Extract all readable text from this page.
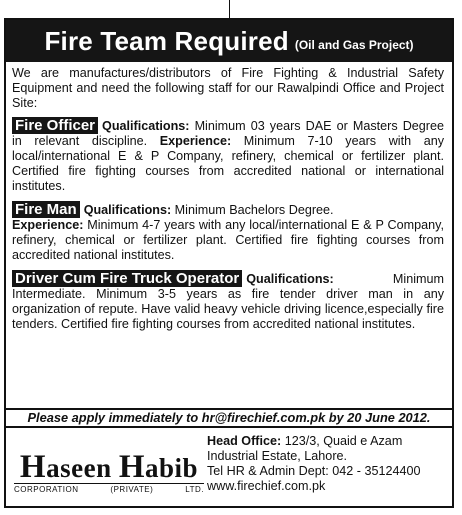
Fire Team Required (Oil and Gas Project)

We are manufactures/distributors of Fire Fighting & Industrial Safety Equipment and need the following staff for our Rawalpindi Office and Project Site:

Fire Officer Qualifications: Minimum 03 years DAE or Masters Degree in relevant discipline. Experience: Minimum 7-10 years with any local/international E & P Company, refinery, chemical or fertilizer plant. Certified fire fighting courses from accredited national or international institutes.

Fire Man Qualifications: Minimum Bachelors Degree.
Experience: Minimum 4-7 years with any local/international E & P Company, refinery, chemical or fertilizer plant. Certified fire fighting courses from accredited national institutes.

Driver Cum Fire Truck Operator Qualifications:	Minimum Intermediate. Minimum 3-5 years as fire tender driver man in any organization of repute. Have valid heavy vehicle driving licence,especially fire tenders. Certified fire fighting courses from accredited national institutes.

Please apply immediately to hr@firechief.com.pk by 20 June 2012.
Haseen Habib
CORPORATION	(PRIVATE)	LTD.
Head Office: 123/3, Quaid e Azam
Industrial Estate, Lahore.
Tel HR & Admin Dept: 042 - 35124400
www.firechief.com.pk
